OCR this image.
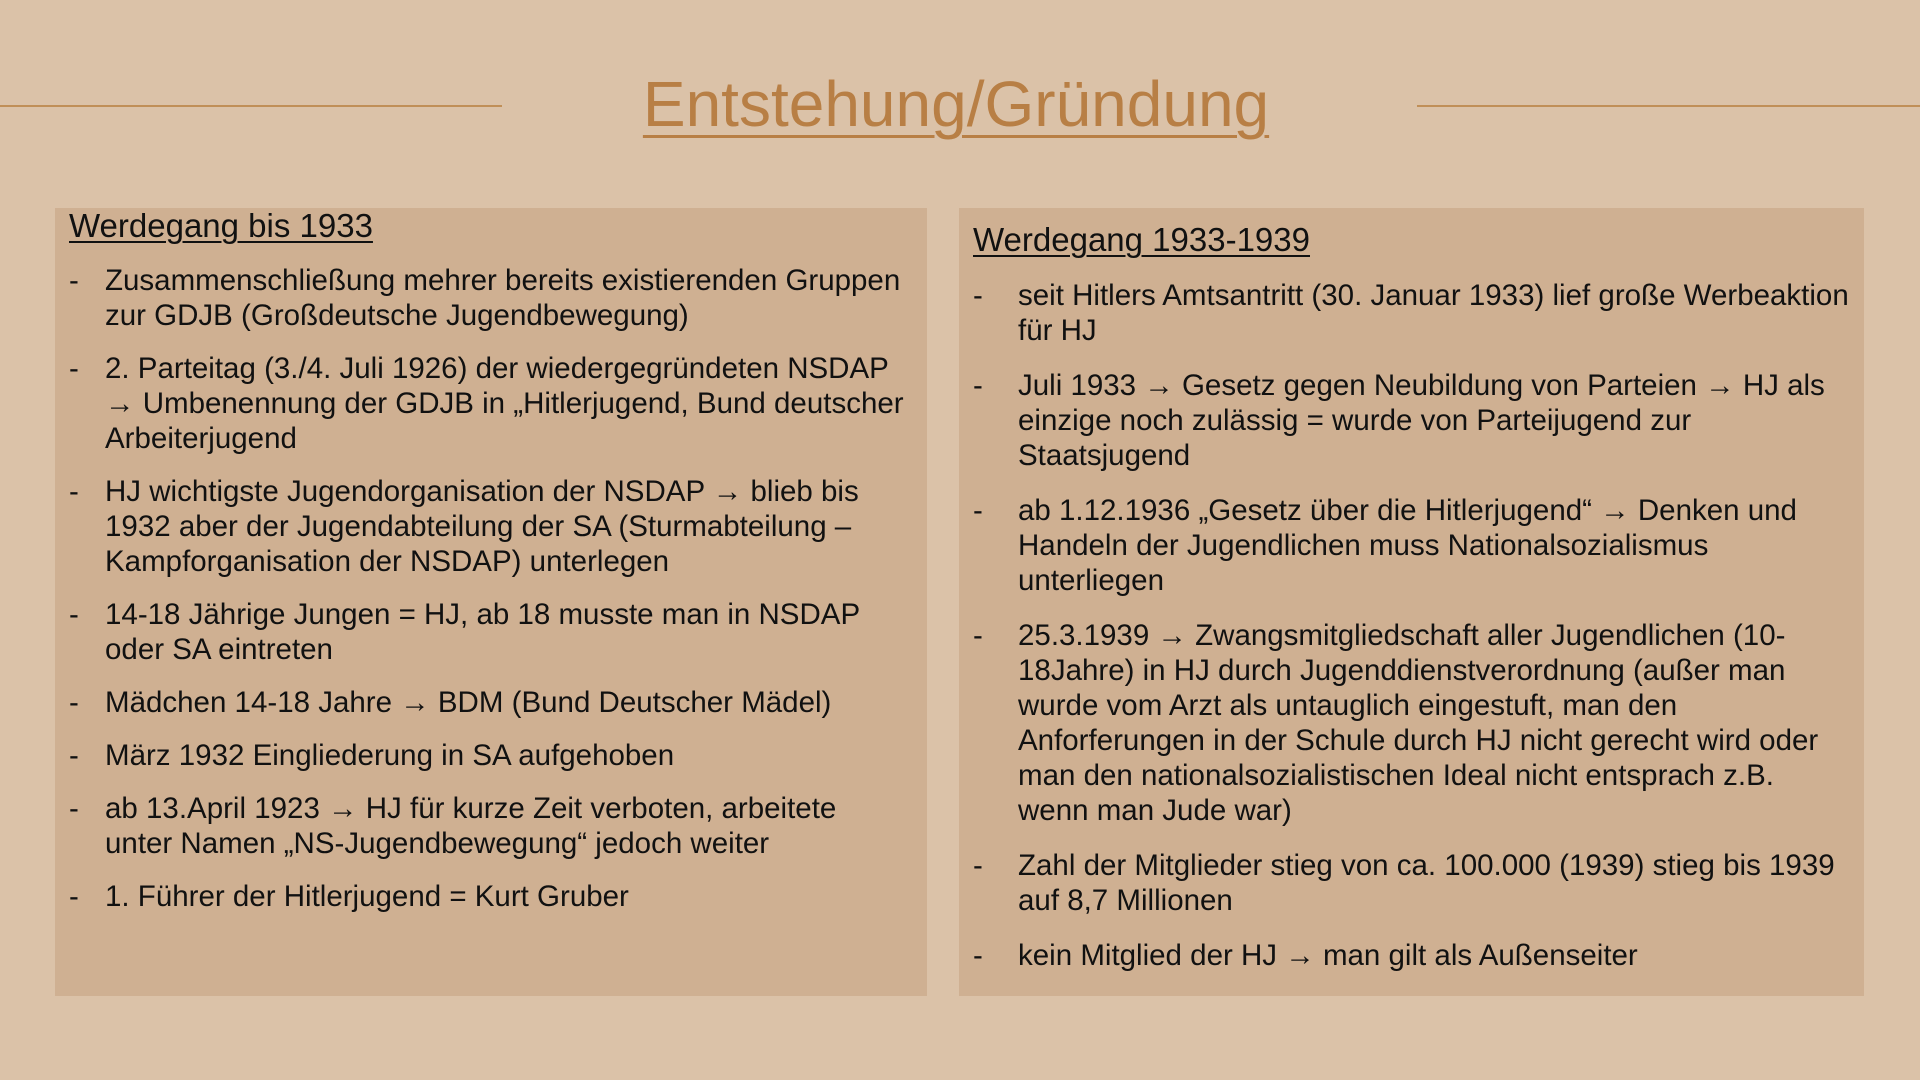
Entstehung/Gründung
Werdegang bis 1933
- Zusammenschließung mehrer bereits existierenden Gruppen zur GDJB (Großdeutsche Jugendbewegung)
- 2. Parteitag (3./4. Juli 1926) der wiedergegründeten NSDAP → Umbenennung der GDJB in „Hitlerjugend, Bund deutscher Arbeiterjugend
- HJ wichtigste Jugendorganisation der NSDAP → blieb bis 1932 aber der Jugendabteilung der SA (Sturmabteilung – Kampforganisation der NSDAP) unterlegen
- 14-18 Jährige Jungen = HJ, ab 18 musste man in NSDAP oder SA eintreten
- Mädchen 14-18 Jahre → BDM (Bund Deutscher Mädel)
- März 1932 Eingliederung in SA aufgehoben
- ab 13.April 1923 → HJ für kurze Zeit verboten, arbeitete unter Namen „NS-Jugendbewegung“ jedoch weiter
- 1. Führer der Hitlerjugend = Kurt Gruber
Werdegang 1933-1939
- seit Hitlers Amtsantritt (30. Januar 1933) lief große Werbeaktion für HJ
- Juli 1933 → Gesetz gegen Neubildung von Parteien → HJ als einzige noch zulässig = wurde von Parteijugend zur Staatsjugend
- ab 1.12.1936 „Gesetz über die Hitlerjugend“ → Denken und Handeln der Jugendlichen muss Nationalsozialismus unterliegen
- 25.3.1939 → Zwangsmitgliedschaft aller Jugendlichen (10-18Jahre) in HJ durch Jugenddienstverordnung (außer man wurde vom Arzt als untauglich eingestuft, man den Anforferungen in der Schule durch HJ nicht gerecht wird oder man den nationalsozialistischen Ideal nicht entsprach z.B. wenn man Jude war)
- Zahl der Mitglieder stieg von ca. 100.000 (1939) stieg bis 1939 auf 8,7 Millionen
- kein Mitglied der HJ → man gilt als Außenseiter
